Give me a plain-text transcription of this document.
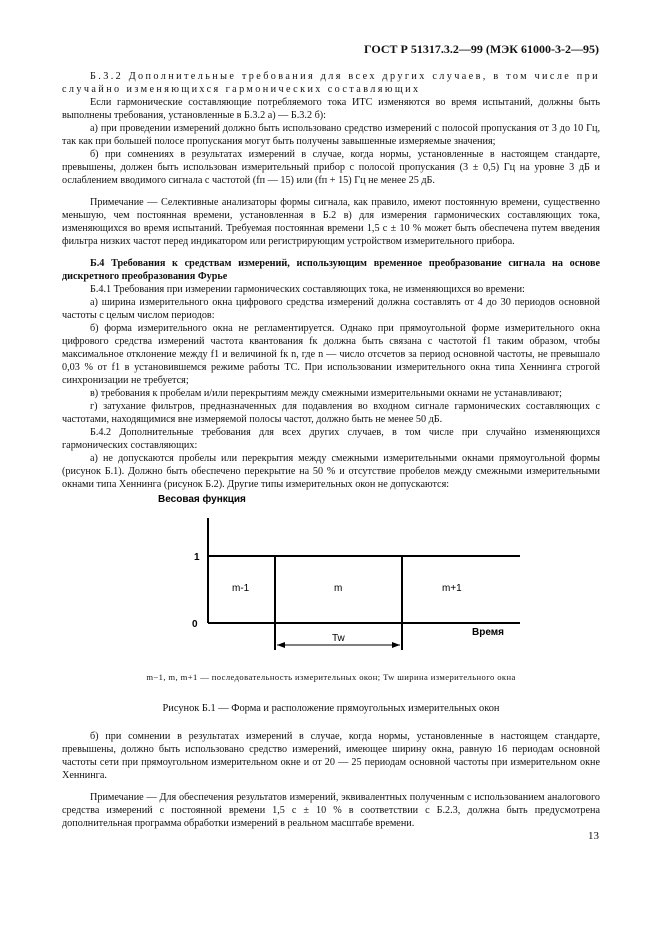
ГОСТ Р 51317.3.2—99 (МЭК 61000-3-2—95)

Б.3.2 Дополнительные требования для всех других случаев, в том числе при случайно изменяющихся гармонических составляющих

Если гармонические составляющие потребляемого тока ИТС изменяются во время испытаний, должны быть выполнены требования, установленные в Б.3.2 а) — Б.3.2 б):

а) при проведении измерений должно быть использовано средство измерений с полосой пропускания от 3 до 10 Гц, так как при большей полосе пропускания могут быть получены завышенные измеряемые значения;

б) при сомнениях в результатах измерений в случае, когда нормы, установленные в настоящем стандарте, превышены, должен быть использован измерительный прибор с полосой пропускания (3 ± 0,5) Гц на уровне 3 дБ и ослаблением вводимого сигнала с частотой (fп — 15) или (fп + 15) Гц не менее 25 дБ.

Примечание — Селективные анализаторы формы сигнала, как правило, имеют постоянную времени, существенно меньшую, чем постоянная времени, установленная в Б.2 в) для измерения гармонических составляющих тока, изменяющихся во время испытаний. Требуемая постоянная времени 1,5 с ± 10 % может быть обеспечена путем введения фильтра низких частот перед индикатором или регистрирующим устройством измерительного прибора.

Б.4 Требования к средствам измерений, использующим временное преобразование сигнала на основе дискретного преобразования Фурье

Б.4.1 Требования при измерении гармонических составляющих тока, не изменяющихся во времени:

а) ширина измерительного окна цифрового средства измерений должна составлять от 4 до 30 периодов основной частоты с целым числом периодов:

б) форма измерительного окна не регламентируется. Однако при прямоугольной форме измерительного окна цифрового средства измерений частота квантования fк должна быть связана с частотой f1 таким образом, чтобы максимальное отклонение между f1 и величиной fк n, где n — число отсчетов за период основной частоты, не превышало 0,03 % от f1 в установившемся режиме работы ТС. При использовании измерительного окна типа Хеннинга строгой синхронизации не требуется;

в) требования к пробелам и/или перекрытиям между смежными измерительными окнами не устанавливают;

г) затухание фильтров, предназначенных для подавления во входном сигнале гармонических составляющих с частотами, находящимися вне измеряемой полосы частот, должно быть не менее 50 дБ.

Б.4.2 Дополнительные требования для всех других случаев, в том числе при случайно изменяющихся гармонических составляющих:

а) не допускаются пробелы или перекрытия между смежными измерительными окнами прямоугольной формы (рисунок Б.1). Должно быть обеспечено перекрытие на 50 % и отсутствие пробелов между смежными измерительными окнами типа Хеннинга (рисунок Б.2). Другие типы измерительных окон не допускаются:

Весовая функция
1
0
m-1	m	m+1
Время
Tw
m−1, m, m+1 — последовательность измерительных окон; Tw ширина измерительного окна
Рисунок Б.1 — Форма и расположение прямоугольных измерительных окон

б) при сомнении в результатах измерений в случае, когда нормы, установленные в настоящем стандарте, превышены, должно быть использовано средство измерений, имеющее ширину окна, равную 16 периодам основной частоты сети при прямоугольном измерительном окне и от 20 — 25 периодам основной частоты при измерительном окне Хеннинга.

Примечание — Для обеспечения результатов измерений, эквивалентных полученным с использованием аналогового средства измерений с постоянной времени 1,5 с ± 10 % в соответствии с Б.2.3, должна быть предусмотрена дополнительная программа обработки измерений в реальном масштабе времени.

13
